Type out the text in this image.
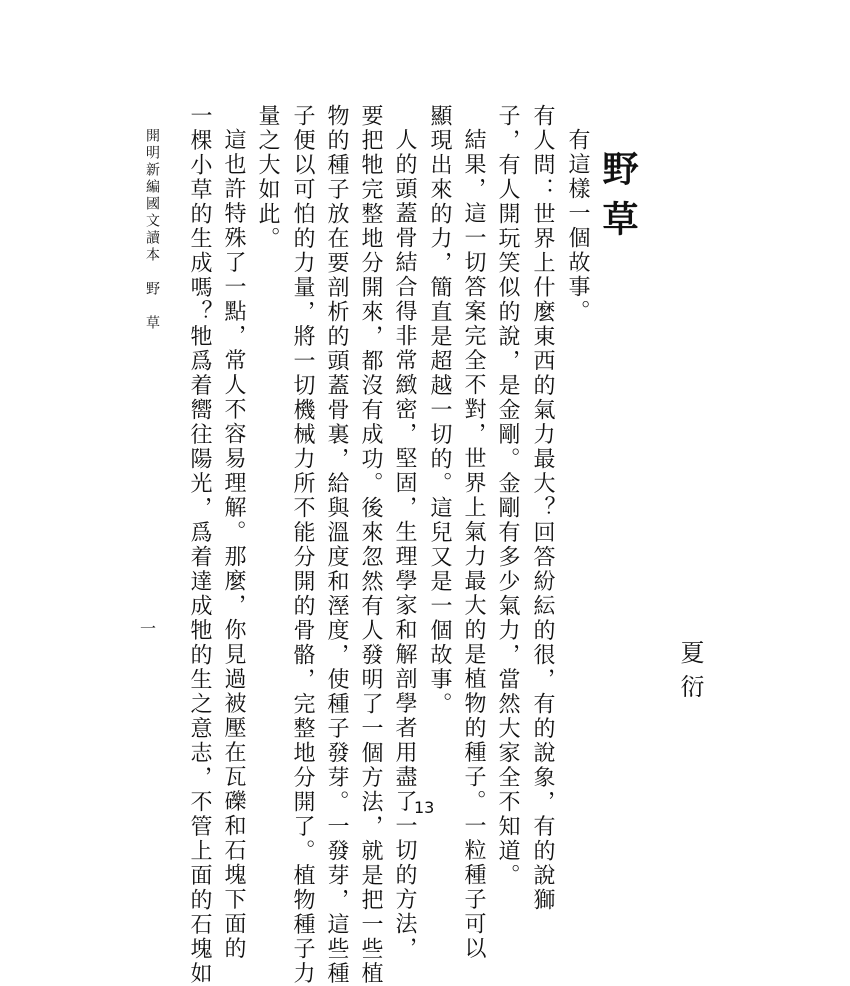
野草
夏衍
有這樣一個故事。
有人問：世界上什麼東西的氣力最大？回答紛紜的很，有的說象，有的說獅
子，有人開玩笑似的說，是金剛。金剛有多少氣力，當然大家全不知道。
結果，這一切答案完全不對，世界上氣力最大的是植物的種子。一粒種子可以
顯現出來的力，簡直是超越一切的。這兒又是一個故事。
人的頭蓋骨結合得非常緻密，堅固，生理學家和解剖學者用盡了一切的方法，
要把牠完整地分開來，都沒有成功。後來忽然有人發明了一個方法，就是把一些植
物的種子放在要剖析的頭蓋骨裏，給與溫度和溼度，使種子發芽。一發芽，這些種
子便以可怕的力量，將一切機械力所不能分開的骨骼，完整地分開了。植物種子力
量之大如此。
這也許特殊了一點，常人不容易理解。那麼，你見過被壓在瓦礫和石塊下面的
一棵小草的生成嗎？牠爲着嚮往陽光，爲着達成牠的生之意志，不管上面的石塊如
開明新編國文讀本　野　草
一
13
